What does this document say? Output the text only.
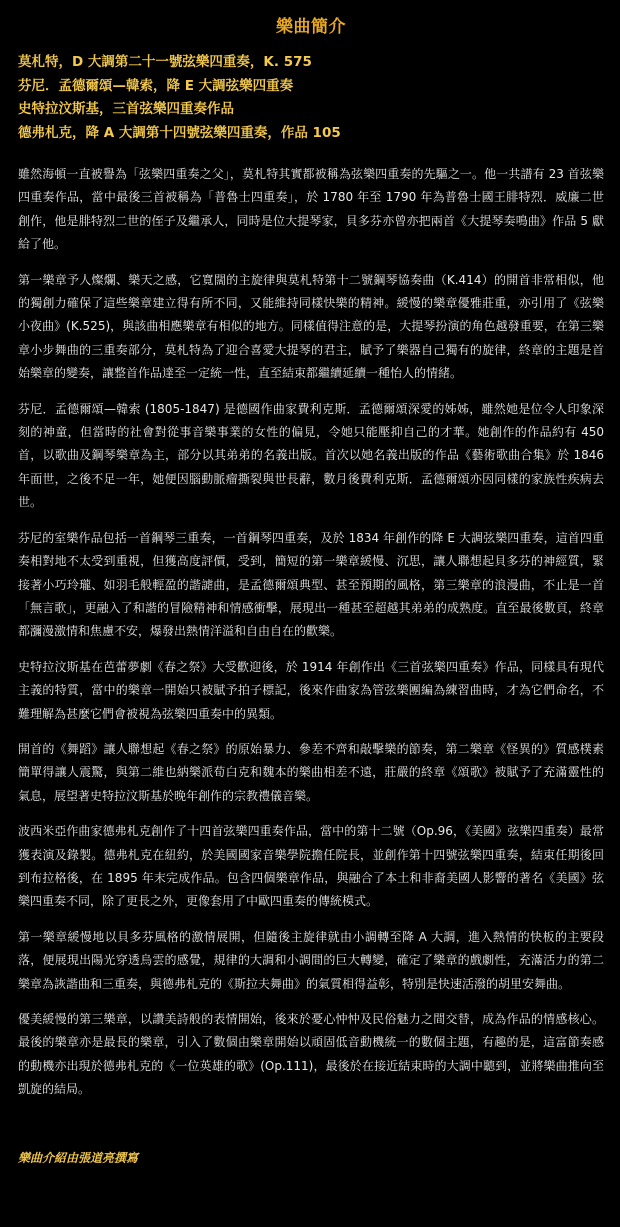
樂曲簡介
莫札特，D 大調第二十一號弦樂四重奏，K. 575
芬尼．孟德爾頌—韓索，降 E 大調弦樂四重奏
史特拉汶斯基，三首弦樂四重奏作品
德弗札克，降 A 大調第十四號弦樂四重奏，作品 105

雖然海頓一直被譽為「弦樂四重奏之父」，莫札特其實都被稱為弦樂四重奏的先驅之一。他一共譜有 23 首弦樂四重奏作品，當中最後三首被稱為「普魯士四重奏」，於 1780 年至 1790 年為普魯士國王腓特烈．威廉二世創作，他是腓特烈二世的侄子及繼承人，同時是位大提琴家，貝多芬亦曾亦把兩首《大提琴奏鳴曲》作品 5 獻給了他。

第一樂章予人燦爛、樂天之感，它寬闊的主旋律與莫札特第十二號鋼琴協奏曲（K.414）的開首非常相似，他的獨創力確保了這些樂章建立得有所不同，又能維持同樣快樂的精神。緩慢的樂章優雅莊重，亦引用了《弦樂小夜曲》(K.525)，與該曲相應樂章有相似的地方。同樣值得注意的是，大提琴扮演的角色越發重要，在第三樂章小步舞曲的三重奏部分，莫札特為了迎合喜愛大提琴的君主，賦予了樂器自己獨有的旋律，終章的主題是首始樂章的變奏，讓整首作品達至一定統一性，直至結束都繼續延續一種怡人的情緒。

芬尼．孟德爾頌—韓索 (1805-1847) 是德國作曲家費利克斯．孟德爾頌深愛的姊姊，雖然她是位令人印象深刻的神童，但當時的社會對從事音樂事業的女性的偏見，令她只能壓抑自己的才華。她創作的作品約有 450 首，以歌曲及鋼琴樂章為主，部分以其弟弟的名義出版。首次以她名義出版的作品《藝術歌曲合集》於 1846 年面世，之後不足一年，她便因腦動脈瘤撕裂與世長辭，數月後費利克斯．孟德爾頌亦因同樣的家族性疾病去世。

芬尼的室樂作品包括一首鋼琴三重奏，一首鋼琴四重奏，及於 1834 年創作的降 E 大調弦樂四重奏，這首四重奏相對地不太受到重視，但獲高度評價，受到，簡短的第一樂章緩慢、沉思，讓人聯想起貝多芬的神經質，緊接著小巧玲瓏、如羽毛般輕盈的諧謔曲，是孟德爾頌典型、甚至預期的風格，第三樂章的浪漫曲，不止是一首「無言歌」，更融入了和諧的冒險精神和情感衝擊，展現出一種甚至超越其弟弟的成熟度。直至最後數頁，終章都瀰漫激情和焦慮不安，爆發出熱情洋溢和自由自在的歡樂。

史特拉汶斯基在芭蕾夢劇《春之祭》大受歡迎後，於 1914 年創作出《三首弦樂四重奏》作品，同樣具有現代主義的特質，當中的樂章一開始只被賦予拍子標記，後來作曲家為管弦樂團編為練習曲時，才為它們命名，不難理解為甚麼它們會被視為弦樂四重奏中的異類。

開首的《舞蹈》讓人聯想起《春之祭》的原始暴力、參差不齊和敲擊樂的節奏，第二樂章《怪異的》質感樸素簡單得讓人震驚，與第二維也納樂派荀白克和魏本的樂曲相差不遠，莊嚴的終章《頌歌》被賦予了充滿靈性的氣息，展望著史特拉汶斯基於晚年創作的宗教禮儀音樂。

波西米亞作曲家德弗札克創作了十四首弦樂四重奏作品，當中的第十二號（Op.96，《美國》弦樂四重奏）最常獲表演及錄製。德弗札克在紐約，於美國國家音樂學院擔任院長，並創作第十四號弦樂四重奏，結束任期後回到布拉格後，在 1895 年末完成作品。包含四個樂章作品，與融合了本土和非裔美國人影響的著名《美國》弦樂四重奏不同，除了更長之外，更像套用了中歐四重奏的傳統模式。

第一樂章緩慢地以貝多芬風格的激情展開，但隨後主旋律就由小調轉至降 A 大調，進入熱情的快板的主要段落，便展現出陽光穿透烏雲的感覺，規律的大調和小調間的巨大轉變，確定了樂章的戲劇性，充滿活力的第二樂章為詼諧曲和三重奏，與德弗札克的《斯拉夫舞曲》的氣質相得益彰，特別是快速活潑的胡里安舞曲。

優美緩慢的第三樂章，以讚美詩般的表情開始，後來於憂心忡忡及民俗魅力之間交替，成為作品的情感核心。最後的樂章亦是最長的樂章，引入了數個由樂章開始以頑固低音動機統一的數個主題，有趣的是，這富節奏感的動機亦出現於德弗札克的《一位英雄的歌》(Op.111)，最後於在接近結束時的大調中聽到，並將樂曲推向至凱旋的結局。

樂曲介紹由張道亮撰寫
